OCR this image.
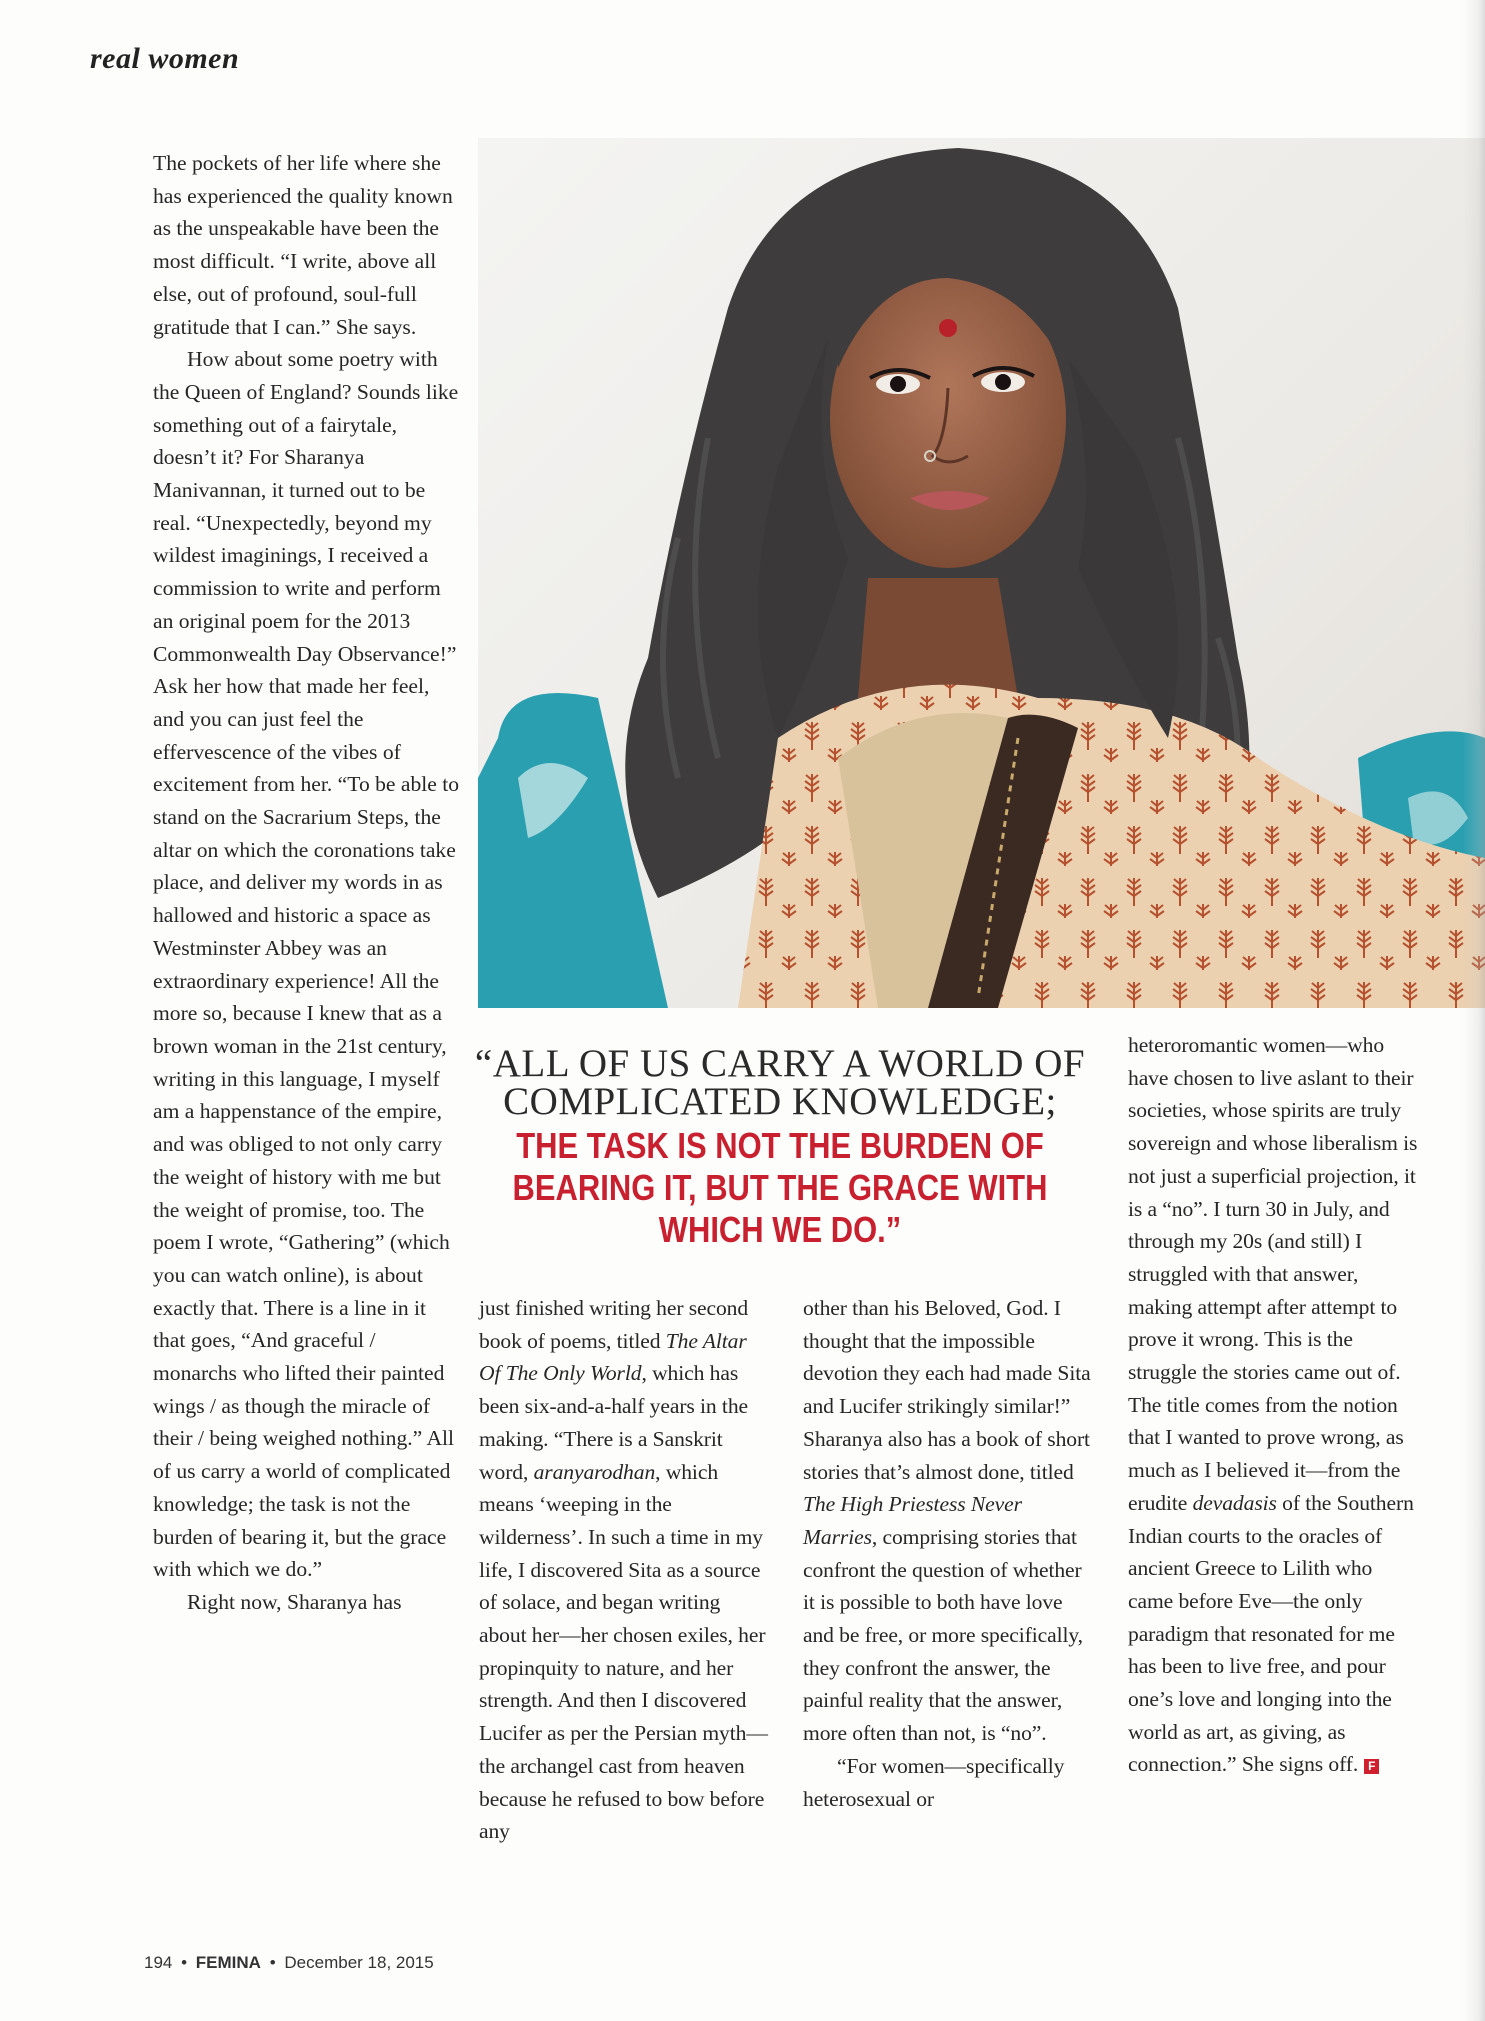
real women
“ALL OF US CARRY A WORLD OF COMPLICATED KNOWLEDGE;
THE TASK IS NOT THE BURDEN OF BEARING IT, BUT THE GRACE WITH WHICH WE DO.”

The pockets of her life where she has experienced the quality known as the unspeakable have been the most difficult. “I write, above all else, out of profound, soul-full gratitude that I can.” She says.

How about some poetry with the Queen of England? Sounds like something out of a fairytale, doesn’t it? For Sharanya Manivannan, it turned out to be real. “Unexpectedly, beyond my wildest imaginings, I received a commission to write and perform an original poem for the 2013 Commonwealth Day Observance!” Ask her how that made her feel, and you can just feel the effervescence of the vibes of excitement from her. “To be able to stand on the Sacrarium Steps, the altar on which the coronations take place, and deliver my words in as hallowed and historic a space as Westminster Abbey was an extraordinary experience! All the more so, because I knew that as a brown woman in the 21st century, writing in this language, I myself am a happenstance of the empire, and was obliged to not only carry the weight of history with me but the weight of promise, too. The poem I wrote, “Gathering” (which you can watch online), is about exactly that. There is a line in it that goes, “And graceful / monarchs who lifted their painted wings / as though the miracle of their / being weighed nothing.” All of us carry a world of complicated knowledge; the task is not the burden of bearing it, but the grace with which we do.”

Right now, Sharanya has

just finished writing her second book of poems, titled The Altar Of The Only World, which has been six-and-a-half years in the making. “There is a Sanskrit word, aranyarodhan, which means ‘weeping in the wilderness’. In such a time in my life, I discovered Sita as a source of solace, and began writing about her—her chosen exiles, her propinquity to nature, and her strength. And then I discovered Lucifer as per the Persian myth—the archangel cast from heaven because he refused to bow before any

other than his Beloved, God. I thought that the impossible devotion they each had made Sita and Lucifer strikingly similar!” Sharanya also has a book of short stories that’s almost done, titled The High Priestess Never Marries, comprising stories that confront the question of whether it is possible to both have love and be free, or more specifically, they confront the answer, the painful reality that the answer, more often than not, is “no”.

“For women—specifically heterosexual or

heteroromantic women—who have chosen to live aslant to their societies, whose spirits are truly sovereign and whose liberalism is not just a superficial projection, it is a “no”. I turn 30 in July, and through my 20s (and still) I struggled with that answer, making attempt after attempt to prove it wrong. This is the struggle the stories came out of. The title comes from the notion that I wanted to prove wrong, as much as I believed it—from the erudite devadasis of the Southern Indian courts to the oracles of ancient Greece to Lilith who came before Eve—the only paradigm that resonated for me has been to live free, and pour one’s love and longing into the world as art, as giving, as connection.” She signs off. F

194 • FEMINA • December 18, 2015
